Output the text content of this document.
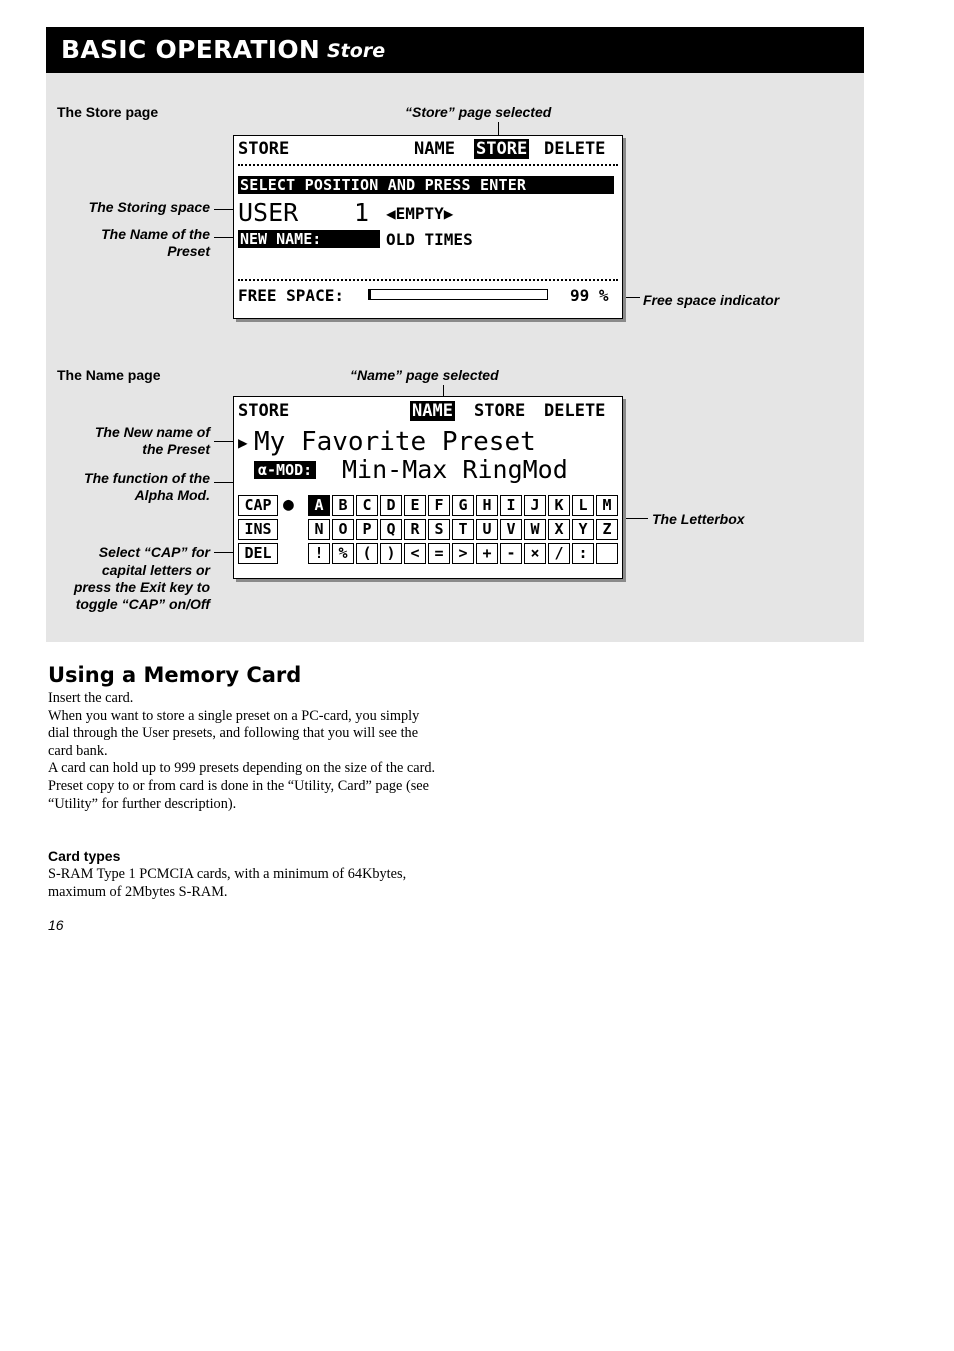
BASIC OPERATION Store
The Store page	“Store” page selected
The Storing space
The Name of the
Preset
Free space indicator
STORE	NAME STORE DELETE
SELECT POSITION AND PRESS ENTER
USER 1 ◀EMPTY▶
NEW NAME:	OLD TIMES
FREE SPACE:	99 %
The Name page	“Name” page selected
The New name of
the Preset
The function of the
Alpha Mod.
The Letterbox
Select “CAP” for
capital letters or
press the Exit key to
toggle “CAP” on/Off
STORE	NAME STORE DELETE
▶ My Favorite Preset
α-MOD: Min-Max RingMod
CAP
INS
DEL
●	A B C D E F G H I J K L M
N O P Q R S T U V W X Y Z
! % ( ) < = > + - × / :
Using a Memory Card

Insert the card.

When you want to store a single preset on a PC-card, you simply dial through the User presets, and following that you will see the card bank.

A card can hold up to 999 presets depending on the size of the card.

Preset copy to or from card is done in the “Utility, Card” page (see “Utility” for further description).

Card types

S-RAM Type 1 PCMCIA cards, with a minimum of 64Kbytes, maximum of 2Mbytes S-RAM.

16
